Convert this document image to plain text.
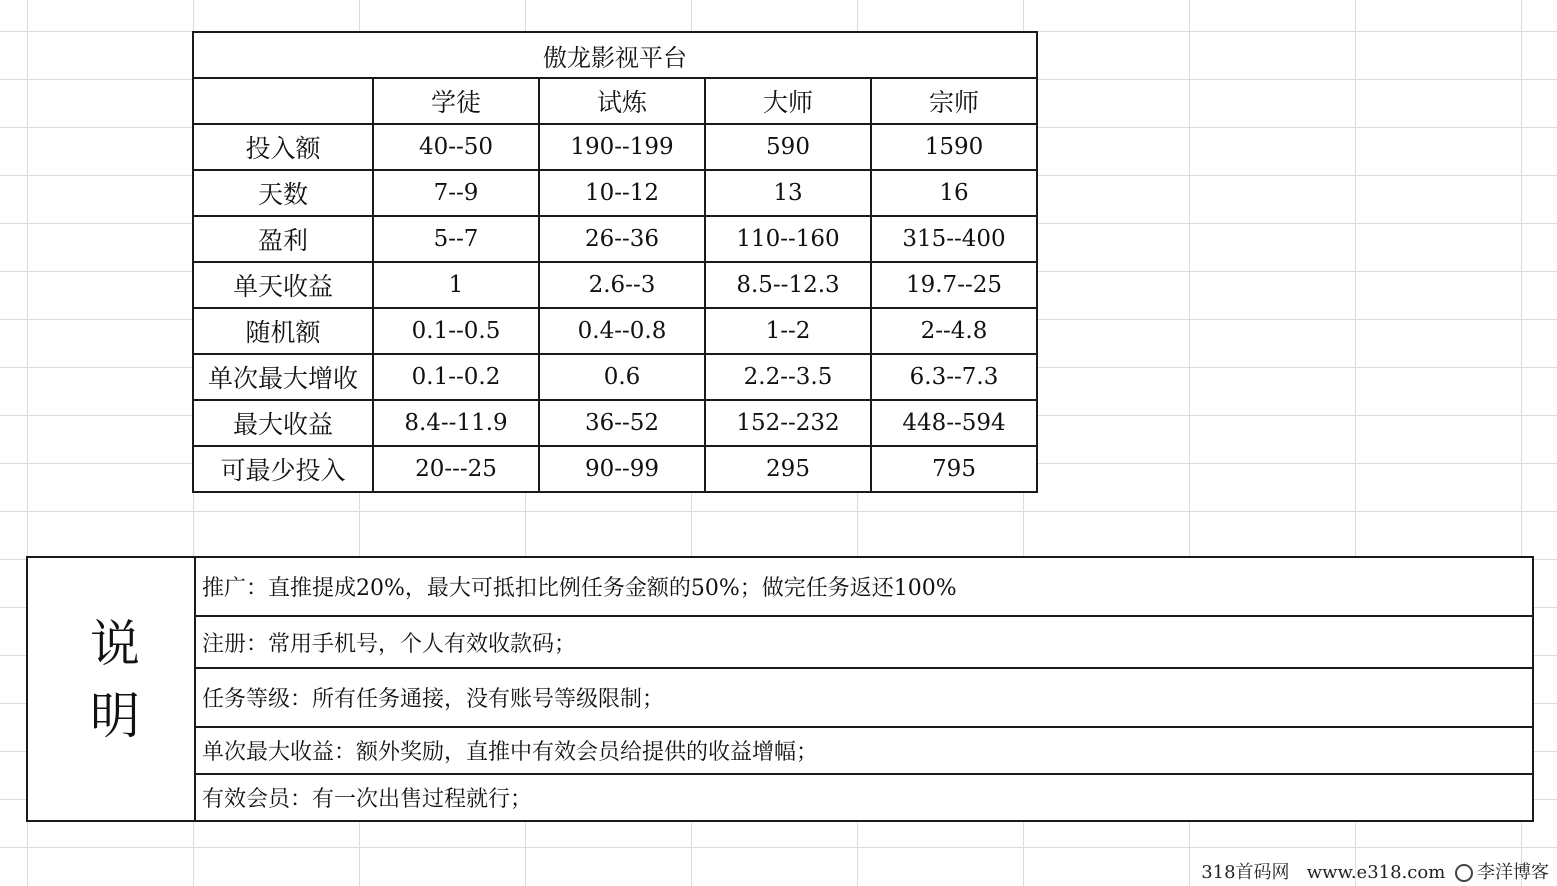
傲龙影视平台				
	学徒	试炼	大师	宗师
投入额	40--50	190--199	590	1590
天数	7--9	10--12	13	16
盈利	5--7	26--36	110--160	315--400
单天收益	1	2.6--3	8.5--12.3	19.7--25
随机额	0.1--0.5	0.4--0.8	1--2	2--4.8
单次最大增收	0.1--0.2	0.6	2.2--3.5	6.3--7.3
最大收益	8.4--11.9	36--52	152--232	448--594
可最少投入	20---25	90--99	295	795
说明
推广：直推提成20%，最大可抵扣比例任务金额的50%；做完任务返还100%
注册：常用手机号，个人有效收款码；
任务等级：所有任务通接，没有账号等级限制；
单次最大收益：额外奖励，直推中有效会员给提供的收益增幅；
有效会员：有一次出售过程就行；
318首码网 www.e318.com 李洋博客
